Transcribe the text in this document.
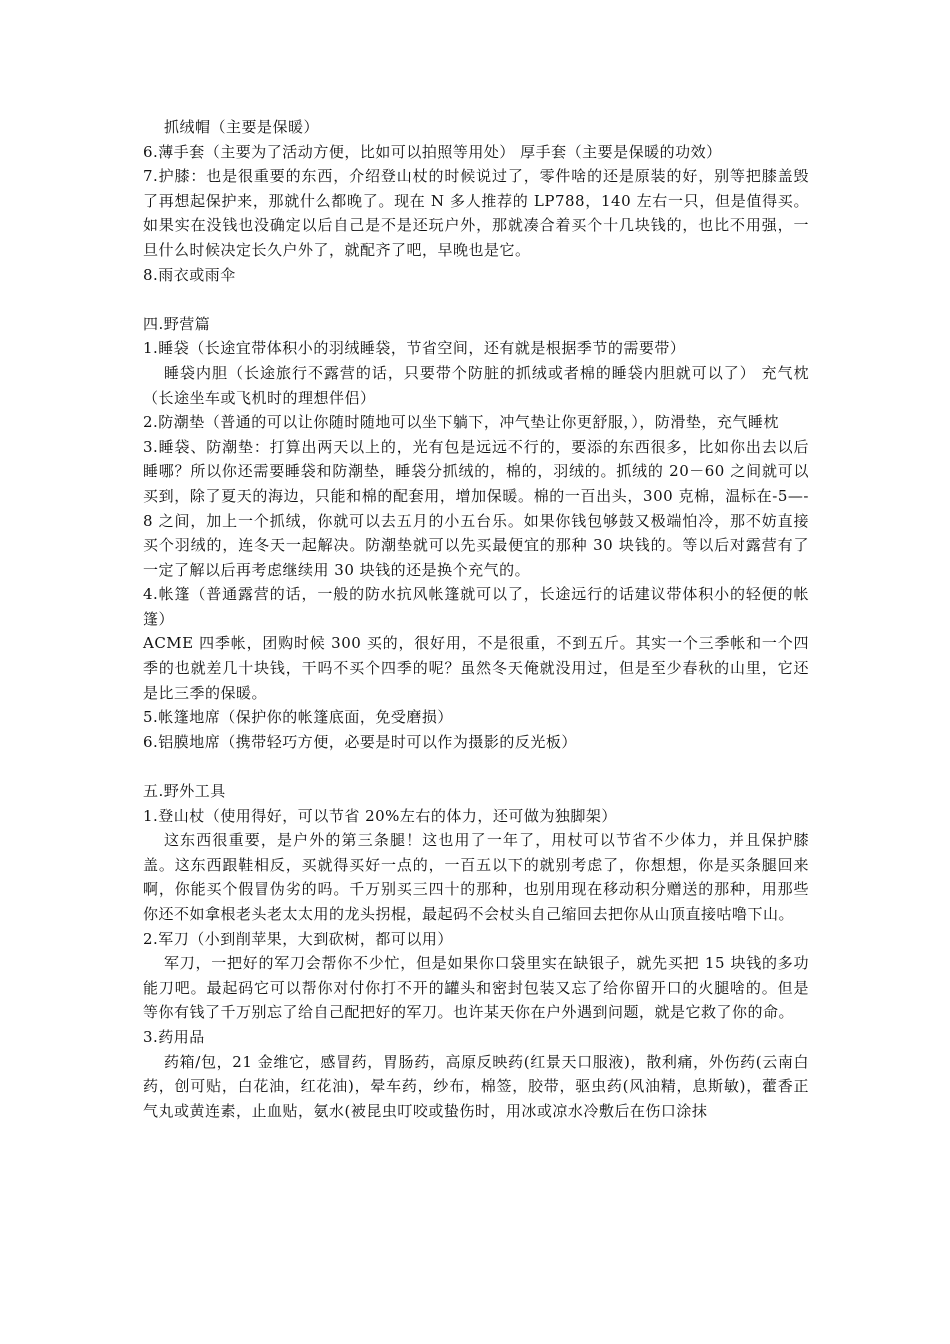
抓绒帽（主要是保暖）

6.薄手套（主要为了活动方便，比如可以拍照等用处） 厚手套（主要是保暖的功效）

7.护膝：也是很重要的东西，介绍登山杖的时候说过了，零件啥的还是原装的好，别等把膝盖毁了再想起保护来，那就什么都晚了。现在 N 多人推荐的 LP788，140 左右一只，但是值得买。如果实在没钱也没确定以后自己是不是还玩户外，那就凑合着买个十几块钱的，也比不用强，一旦什么时候决定长久户外了，就配齐了吧，早晚也是它。

8.雨衣或雨伞

四.野营篇

1.睡袋（长途宜带体积小的羽绒睡袋，节省空间，还有就是根据季节的需要带）

睡袋内胆（长途旅行不露营的话，只要带个防脏的抓绒或者棉的睡袋内胆就可以了） 充气枕（长途坐车或飞机时的理想伴侣）

2.防潮垫（普通的可以让你随时随地可以坐下躺下，冲气垫让你更舒服，），防滑垫，充气睡枕

3.睡袋、防潮垫：打算出两天以上的，光有包是远远不行的，要添的东西很多，比如你出去以后睡哪？所以你还需要睡袋和防潮垫，睡袋分抓绒的，棉的，羽绒的。抓绒的 20－60 之间就可以买到，除了夏天的海边，只能和棉的配套用，增加保暖。棉的一百出头，300 克棉，温标在-5—-8 之间，加上一个抓绒，你就可以去五月的小五台乐。如果你钱包够鼓又极端怕冷，那不妨直接买个羽绒的，连冬天一起解决。防潮垫就可以先买最便宜的那种 30 块钱的。等以后对露营有了一定了解以后再考虑继续用 30 块钱的还是换个充气的。

4.帐篷（普通露营的话，一般的防水抗风帐篷就可以了，长途远行的话建议带体积小的轻便的帐篷）

ACME 四季帐，团购时候 300 买的，很好用，不是很重，不到五斤。其实一个三季帐和一个四季的也就差几十块钱，干吗不买个四季的呢？虽然冬天俺就没用过，但是至少春秋的山里，它还是比三季的保暖。

5.帐篷地席（保护你的帐篷底面，免受磨损）

6.铝膜地席（携带轻巧方便，必要是时可以作为摄影的反光板）

五.野外工具

1.登山杖（使用得好，可以节省 20%左右的体力，还可做为独脚架）

这东西很重要，是户外的第三条腿！这也用了一年了，用杖可以节省不少体力，并且保护膝盖。这东西跟鞋相反，买就得买好一点的，一百五以下的就别考虑了，你想想，你是买条腿回来啊，你能买个假冒伪劣的吗。千万别买三四十的那种，也别用现在移动积分赠送的那种，用那些你还不如拿根老头老太太用的龙头拐棍，最起码不会杖头自己缩回去把你从山顶直接咕噜下山。

2.军刀（小到削苹果，大到砍树，都可以用）

军刀，一把好的军刀会帮你不少忙，但是如果你口袋里实在缺银子，就先买把 15 块钱的多功能刀吧。最起码它可以帮你对付你打不开的罐头和密封包装又忘了给你留开口的火腿啥的。但是等你有钱了千万别忘了给自己配把好的军刀。也许某天你在户外遇到问题，就是它救了你的命。

3.药用品

药箱/包，21 金维它，感冒药，胃肠药，高原反映药(红景天口服液)，散利痛，外伤药(云南白药，创可贴，白花油，红花油)，晕车药，纱布，棉签，胶带，驱虫药(风油精，息斯敏)，藿香正气丸或黄连素，止血贴，氨水(被昆虫叮咬或蛰伤时，用冰或凉水冷敷后在伤口涂抹
